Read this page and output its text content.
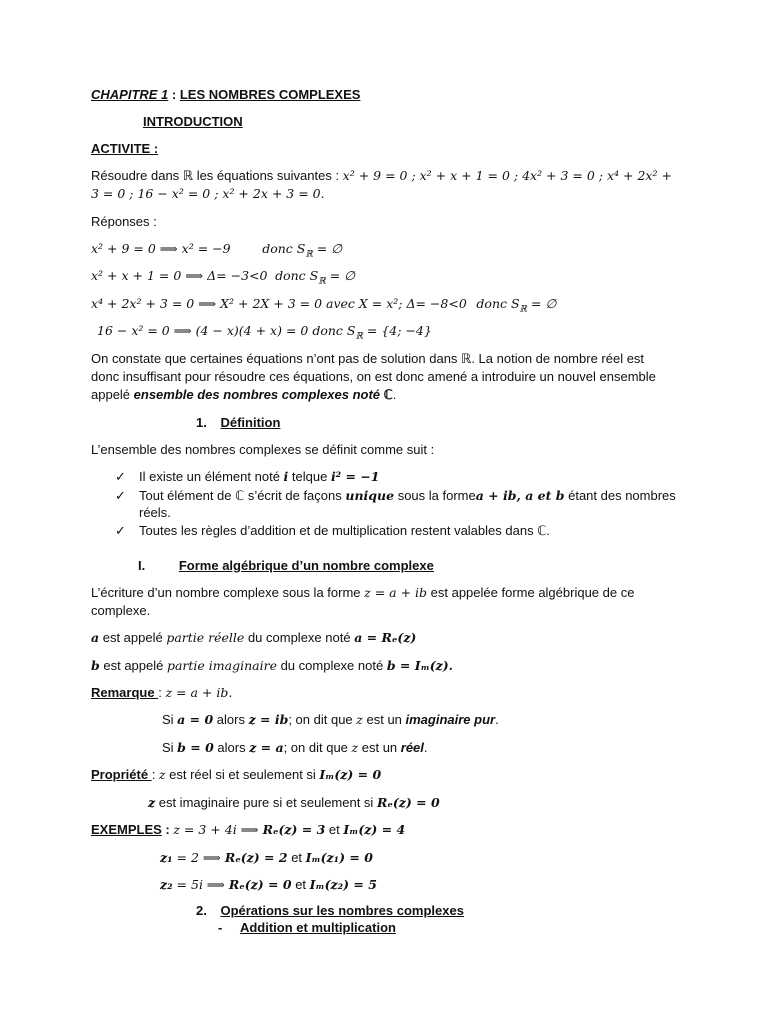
CHAPITRE 1 : LES NOMBRES COMPLEXES
INTRODUCTION
ACTIVITE :
Résoudre dans ℝ les équations suivantes : x² + 9 = 0 ; x² + x + 1 = 0 ; 4x² + 3 = 0 ; x⁴ + 2x² +
3 = 0 ; 16 − x² = 0 ; x² + 2x + 3 = 0.
Réponses :
x² + 9 = 0 ⟹ x² = −9	donc $S_ℝ$ = ∅
x² + x + 1 = 0 ⟹ Δ= −3<0 donc $S_ℝ$ = ∅
x⁴ + 2x² + 3 = 0 ⟹ X² + 2X + 3 = 0 avec X = x²; Δ= −8<0 donc $S_ℝ$ = ∅
16 − x² = 0 ⟹ (4 − x)(4 + x) = 0 donc $S_ℝ = \{4$; −4}
On constate que certaines équations n’ont pas de solution dans ℝ. La notion de nombre réel est
donc insuffisant pour résoudre ces équations, on est donc amené a introduire un nouvel ensemble
appelé ensemble des nombres complexes noté ℂ.
1. Définition
L’ensemble des nombres complexes se définit comme suit :
✓ Il existe un élément noté i telque i² = −1
✓ Tout élément de ℂ s’écrit de façons unique sous la formea + ib, a et b étant des nombres
réels.
✓ Toutes les règles d’addition et de multiplication restent valables dans ℂ.
I.	Forme algébrique d’un nombre complexe
L’écriture d’un nombre complexe sous la forme z = a + ib est appelée forme algébrique de ce
complexe.
a est appelé partie réelle du complexe noté a = Rₑ(z)
b est appelé partie imaginaire du complexe noté b = Iₘ(z).
Remarque : z = a + ib.
Si a = 0 alors z = ib; on dit que z est un imaginaire pur.
Si b = 0 alors z = a; on dit que z est un réel.
Propriété : z est réel si et seulement si Iₘ(z) = 0
z est imaginaire pure si et seulement si Rₑ(z) = 0
EXEMPLES : z = 3 + 4i ⟹ Rₑ(z) = 3 et Iₘ(z) = 4
z₁ = 2 ⟹ Rₑ(z) = 2 et Iₘ(z₁) = 0
z₂ = 5i ⟹ Rₑ(z) = 0 et Iₘ(z₂) = 5
2. Opérations sur les nombres complexes
- Addition et multiplication
